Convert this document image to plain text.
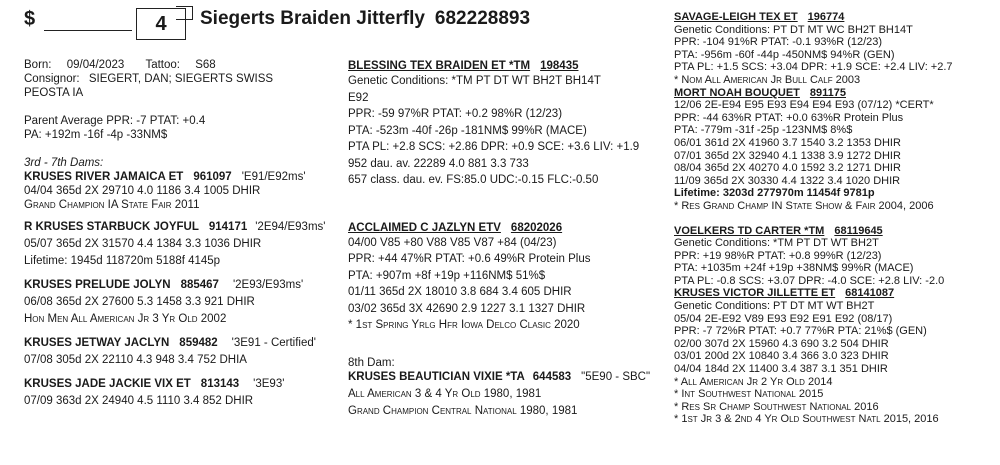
$	4	Siegerts Braiden Jitterfly 682228893
Born: 09/04/2023 Tattoo: S68
Consignor: SIEGERT, DAN; SIEGERTS SWISS
PEOSTA IA
Parent Average PPR: -7 PTAT: +0.4
PA: +192m -16f -4p -33NM$
3rd - 7th Dams:
KRUSES RIVER JAMAICA ET 961097 'E91/E92ms'
04/04 365d 2X 29710 4.0 1186 3.4 1005 DHIR
Grand Champion IA State Fair 2011
R KRUSES STARBUCK JOYFUL 914171 '2E94/E93ms'
05/07 365d 2X 31570 4.4 1384 3.3 1036 DHIR
Lifetime: 1945d 118720m 5188f 4145p
KRUSES PRELUDE JOLYN 885467 '2E93/E93ms'
06/08 365d 2X 27600 5.3 1458 3.3 921 DHIR
Hon Men All American Jr 3 Yr Old 2002
KRUSES JETWAY JACLYN 859482 '3E91 - Certified'
07/08 305d 2X 22110 4.3 948 3.4 752 DHIA
KRUSES JADE JACKIE VIX ET 813143 '3E93'
07/09 363d 2X 24940 4.5 1110 3.4 852 DHIR
BLESSING TEX BRAIDEN ET *TM 198435
Genetic Conditions: *TM PT DT WT BH2T BH14T
E92
PPR: -59 97%R PTAT: +0.2 98%R (12/23)
PTA: -523m -40f -26p -181NM$ 99%R (MACE)
PTA PL: +2.8 SCS: +2.86 DPR: +0.9 SCE: +3.6 LIV: +1.9
952 dau. av. 22289 4.0 881 3.3 733
657 class. dau. ev. FS:85.0 UDC:-0.15 FLC:-0.50
ACCLAIMED C JAZLYN ETV 68202026
04/00 V85 +80 V88 V85 V87 +84 (04/23)
PPR: +44 47%R PTAT: +0.6 49%R Protein Plus
PTA: +907m +8f +19p +116NM$ 51%$
01/11 365d 2X 18010 3.8 684 3.4 605 DHIR
03/02 365d 3X 42690 2.9 1227 3.1 1327 DHIR
* 1st Spring Yrlg Hfr Iowa Delco Clasic 2020
8th Dam:
KRUSES BEAUTICIAN VIXIE *TA 644583 "5E90 - SBC"
All American 3 & 4 Yr Old 1980, 1981
Grand Champion Central National 1980, 1981
SAVAGE-LEIGH TEX ET 196774
Genetic Conditions: PT DT MT WC BH2T BH14T
PPR: -104 91%R PTAT: -0.1 93%R (12/23)
PTA: -956m -60f -44p -450NM$ 94%R (GEN)
PTA PL: +1.5 SCS: +3.04 DPR: +1.9 SCE: +2.4 LIV: +2.7
* Nom All American Jr Bull Calf 2003
MORT NOAH BOUQUET 891175
12/06 2E-E94 E95 E93 E94 E94 E93 (07/12) *CERT*
PPR: -44 63%R PTAT: +0.0 63%R Protein Plus
PTA: -779m -31f -25p -123NM$ 8%$
06/01 361d 2X 41960 3.7 1540 3.2 1353 DHIR
07/01 365d 2X 32940 4.1 1338 3.9 1272 DHIR
08/04 365d 2X 40270 4.0 1592 3.2 1271 DHIR
11/09 365d 2X 30330 4.4 1322 3.4 1020 DHIR
Lifetime: 3203d 277970m 11454f 9781p
* Res Grand Champ IN State Show & Fair 2004, 2006
VOELKERS TD CARTER *TM 68119645
Genetic Conditions: *TM PT DT WT BH2T
PPR: +19 98%R PTAT: +0.8 99%R (12/23)
PTA: +1035m +24f +19p +38NM$ 99%R (MACE)
PTA PL: -0.8 SCS: +3.07 DPR: -4.0 SCE: +2.8 LIV: -2.0
KRUSES VICTOR JILLETTE ET 68141087
Genetic Conditions: PT DT MT WT BH2T
05/04 2E-E92 V89 E93 E92 E91 E92 (08/17)
PPR: -7 72%R PTAT: +0.7 77%R PTA: 21%$ (GEN)
02/00 307d 2X 15960 4.3 690 3.2 504 DHIR
03/01 200d 2X 10840 3.4 366 3.0 323 DHIR
04/04 184d 2X 11400 3.4 387 3.1 351 DHIR
* All American Jr 2 Yr Old 2014
* Int Southwest National 2015
* Res Sr Champ Southwest National 2016
* 1st Jr 3 & 2nd 4 Yr Old Southwest Natl 2015, 2016
